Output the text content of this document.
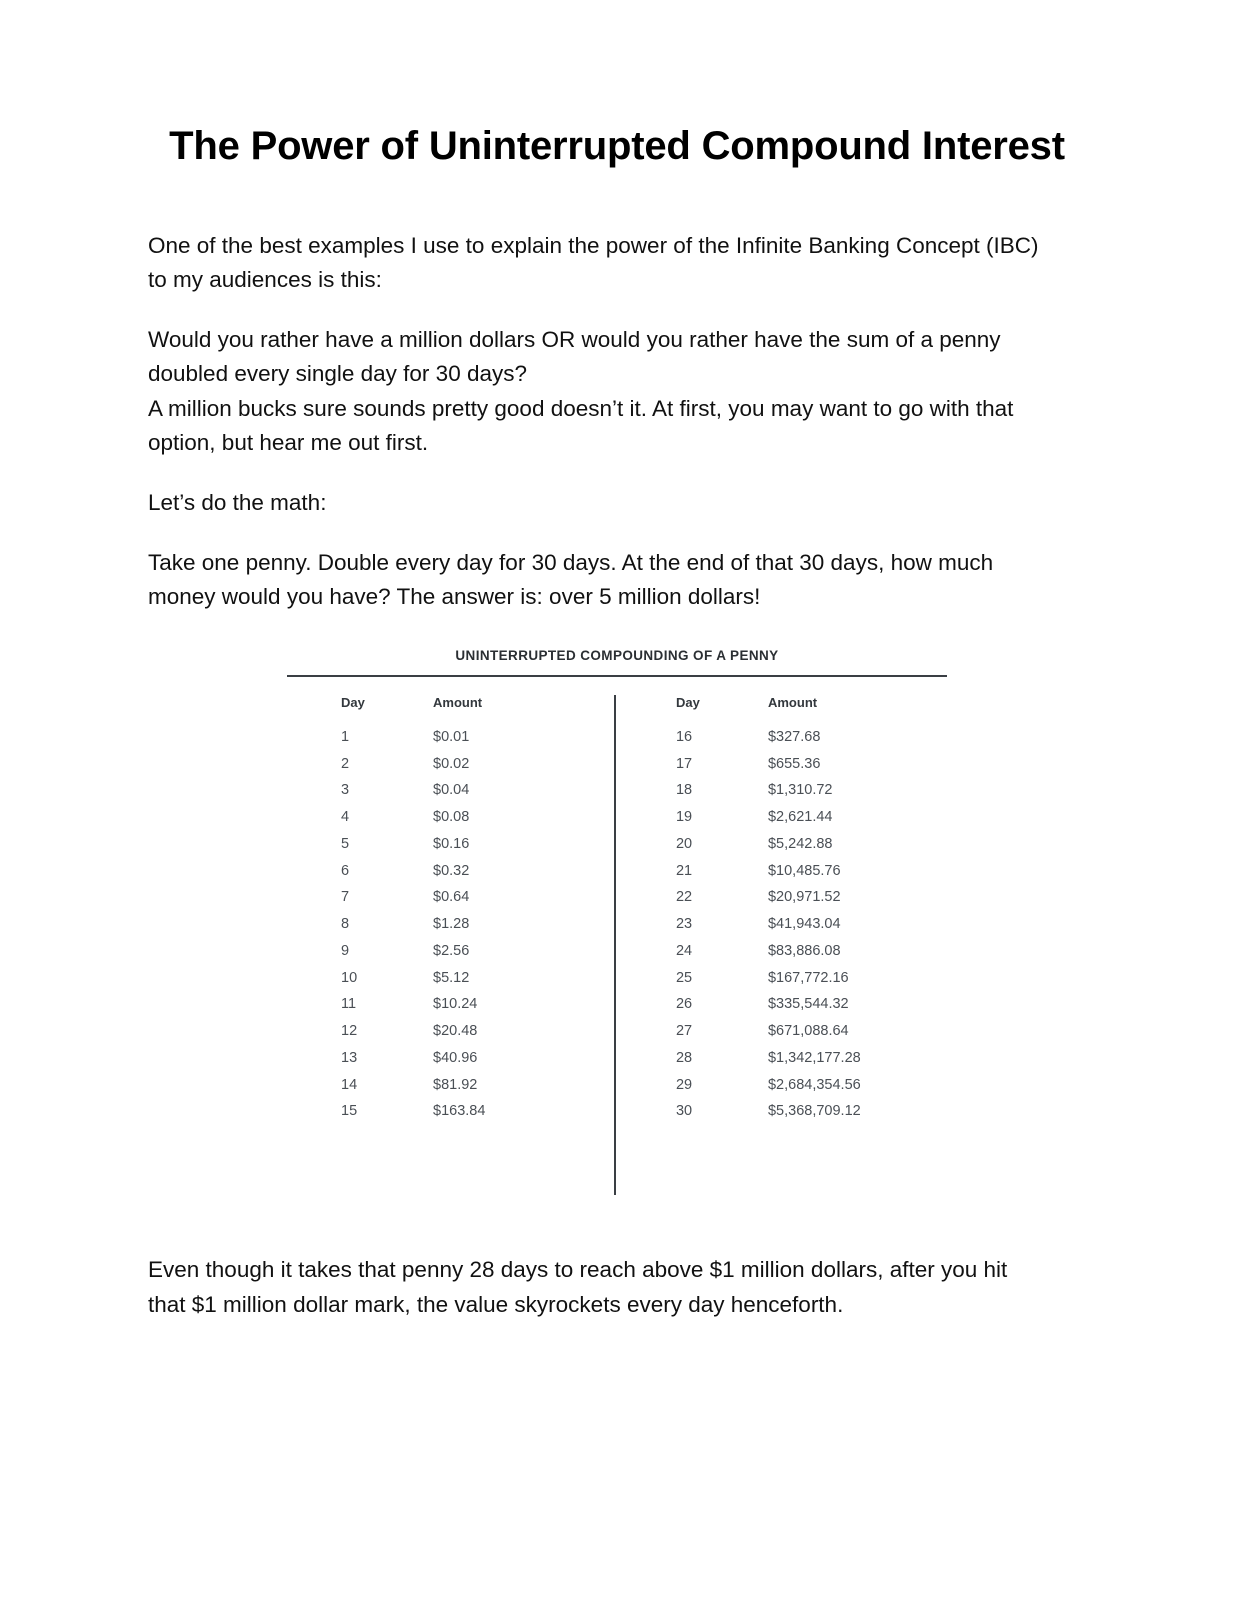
The Power of Uninterrupted Compound Interest

One of the best examples I use to explain the power of the Infinite Banking Concept (IBC) to my audiences is this:

Would you rather have a million dollars OR would you rather have the sum of a penny doubled every single day for 30 days?

A million bucks sure sounds pretty good doesn’t it. At first, you may want to go with that option, but hear me out first.

Let’s do the math:

Take one penny. Double every day for 30 days. At the end of that 30 days, how much money would you have? The answer is: over 5 million dollars!

UNINTERRUPTED COMPOUNDING OF A PENNY
Day	Amount
1	$0.01
2	$0.02
3	$0.04
4	$0.08
5	$0.16
6	$0.32
7	$0.64
8	$1.28
9	$2.56
10	$5.12
11	$10.24
12	$20.48
13	$40.96
14	$81.92
15	$163.84
Day	Amount
16	$327.68
17	$655.36
18	$1,310.72
19	$2,621.44
20	$5,242.88
21	$10,485.76
22	$20,971.52
23	$41,943.04
24	$83,886.08
25	$167,772.16
26	$335,544.32
27	$671,088.64
28	$1,342,177.28
29	$2,684,354.56
30	$5,368,709.12

Even though it takes that penny 28 days to reach above $1 million dollars, after you hit that $1 million dollar mark, the value skyrockets every day henceforth.
